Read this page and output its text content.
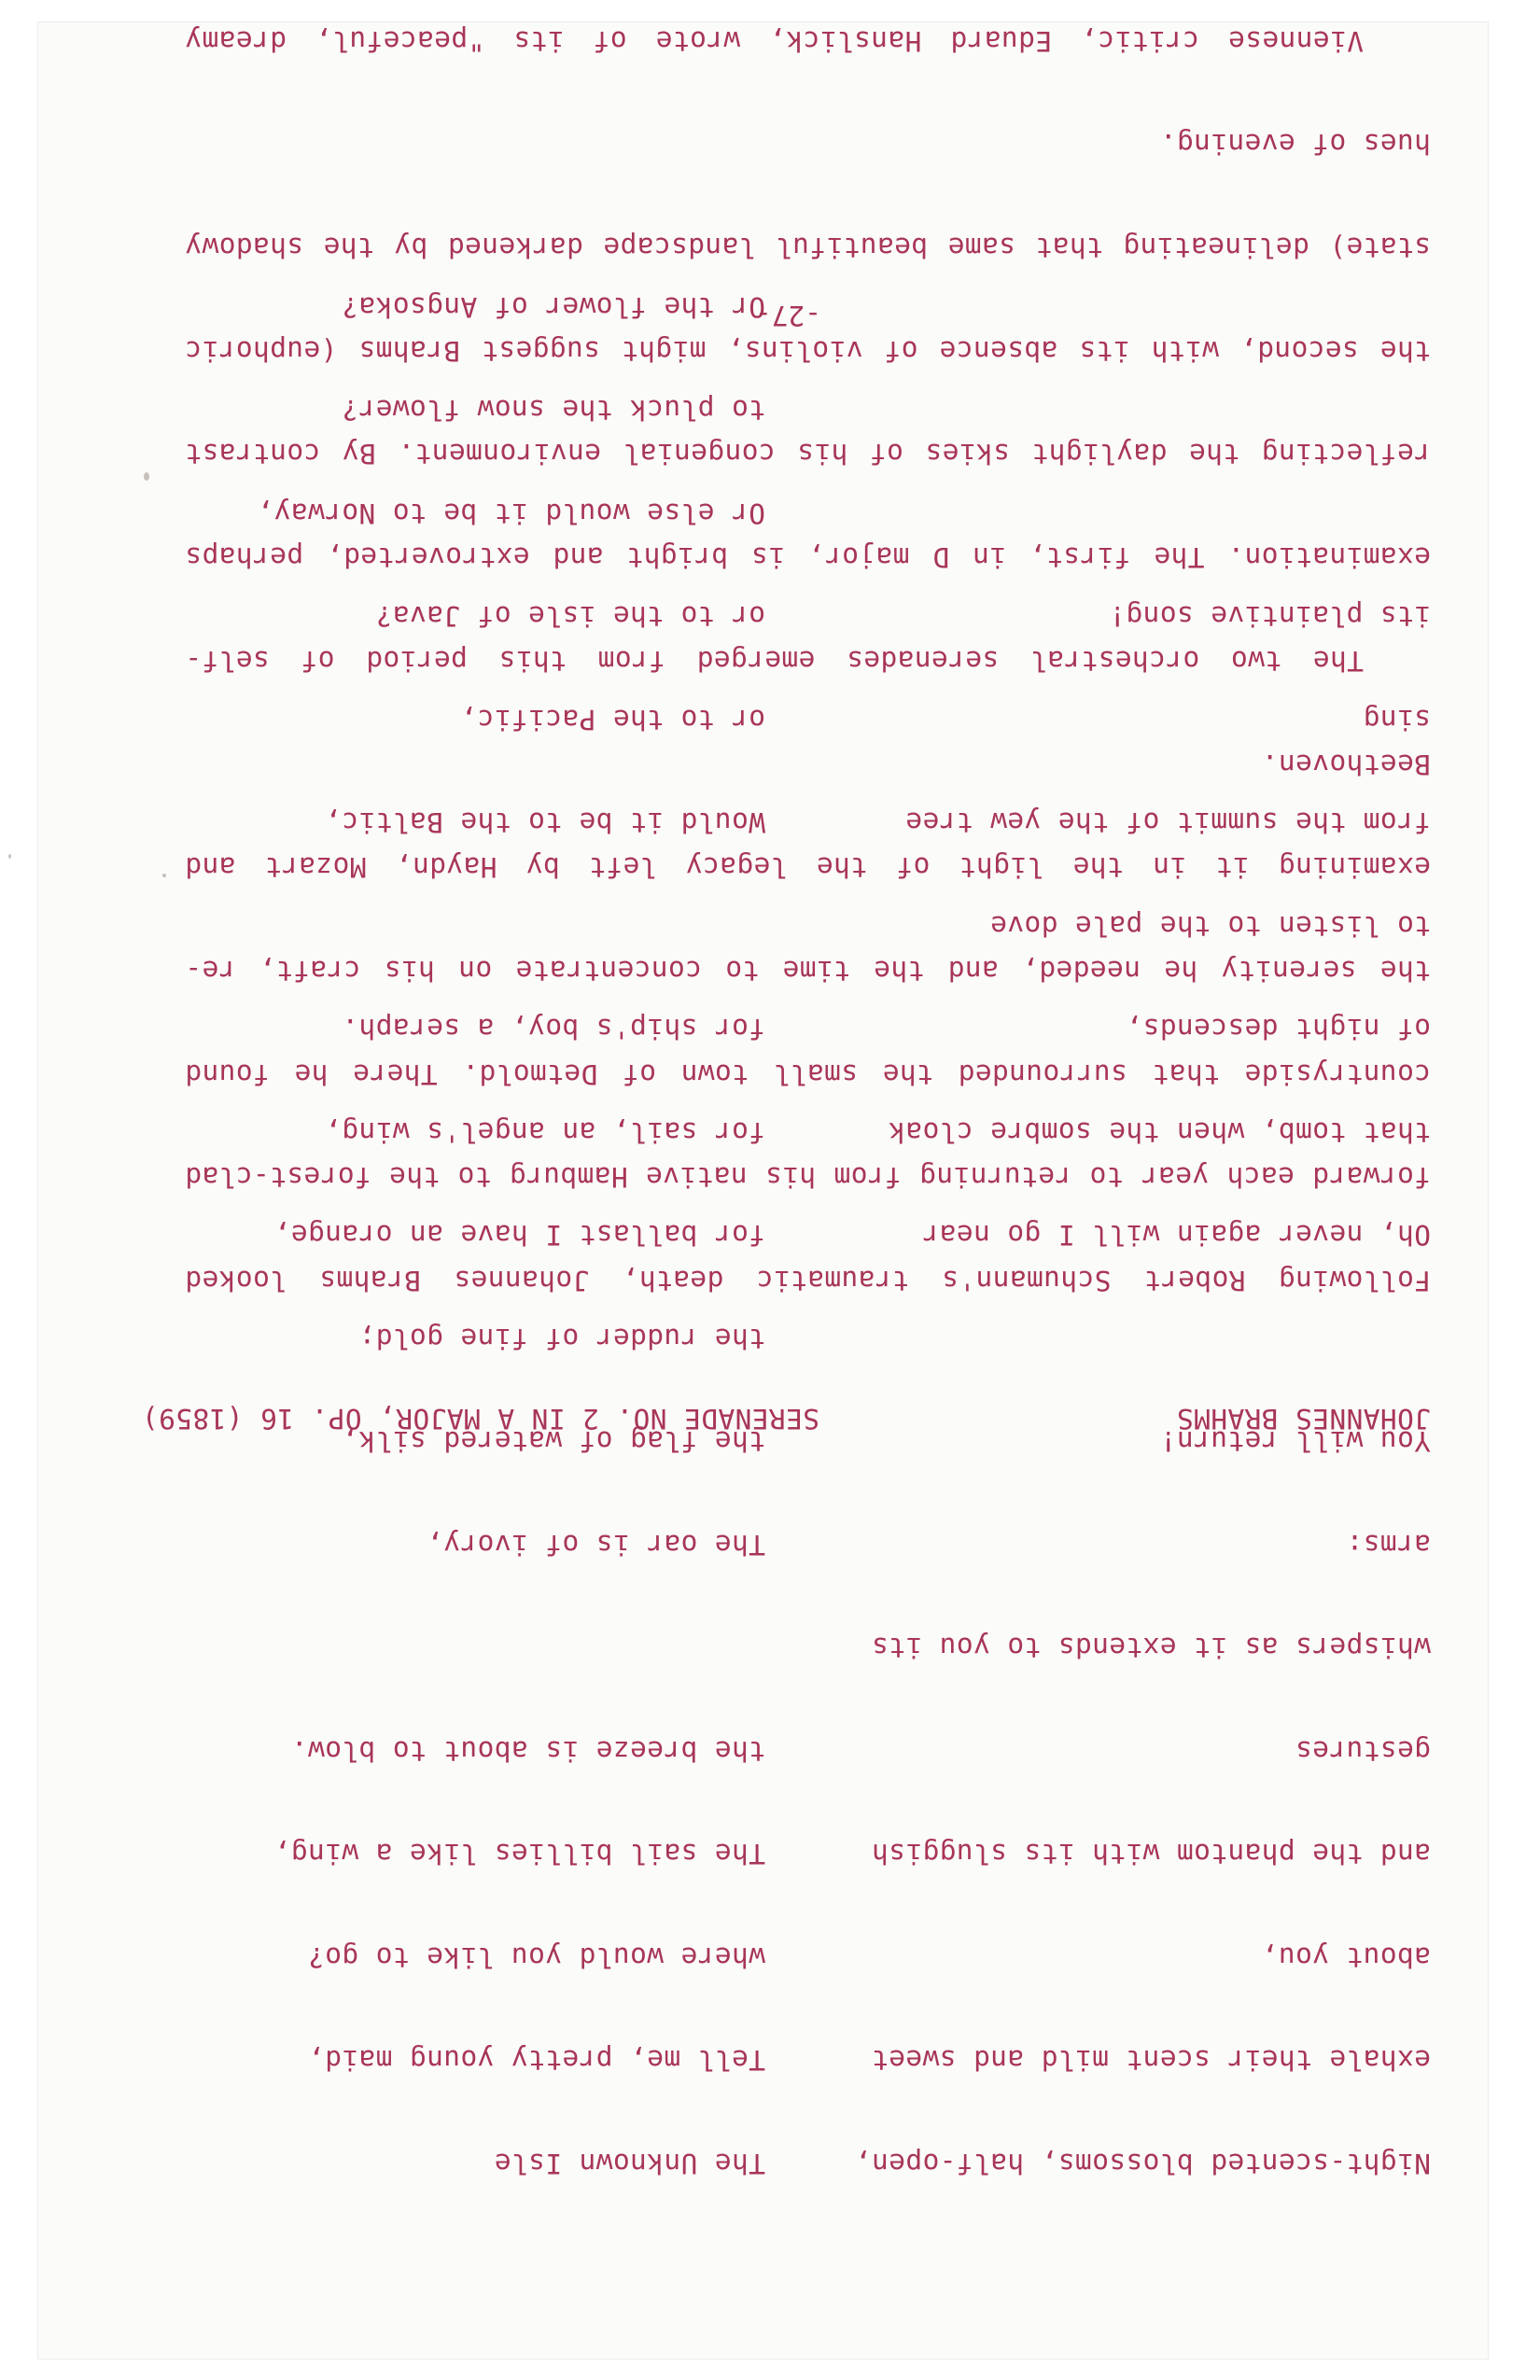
Night-scented blossoms, half-open,

exhale their scent mild and sweet

about you,

and the phantom with its sluggish

gestures

whispers as it extends to you its

arms:

You will return!

Oh, never again will I go near

that tomb, when the sombre cloak

of night descends,

to listen to the pale dove

from the summit of the yew tree

sing

its plaintive song!

The Unknown Isle

Tell me, pretty young maid,

where would you like to go?

The sail billies like a wing,

the breeze is about to blow.

The oar is of ivory,

the flag of watered silk,

the rudder of fine gold;

for ballast I have an orange,

for sail, an angel's wing,

for ship's boy, a seraph.

Would it be to the Baltic,

or to the Pacific,

or to the isle of Java?

Or else would it be to Norway,

to pluck the snow flower?

Or the flower of Angsoka?

JOHANNES BRAHMS
SERENADE NO. 2 IN A MAJOR, OP. 16 (1859)

Following Robert Schumann's traumatic death, Johannes Brahms looked

forward each year to returning from his native Hamburg to the forest-clad

countryside that surrounded the small town of Detmold. There he found

the serenity he needed, and the time to concentrate on his craft, re-

examining it in the light of the legacy left by Haydn, Mozart and

Beethoven.

The two orchestral serenades emerged from this period of self-

examination. The first, in D major, is bright and extroverted, perhaps

reflecting the daylight skies of his congenial environment. By contrast

the second, with its absence of violins, might suggest Brahms (euphoric

state) delineating that same beautiful landscape darkened by the shadowy

hues of evening.

Viennese critic, Eduard Hanslick, wrote of its "peaceful, dreamy

-27-
